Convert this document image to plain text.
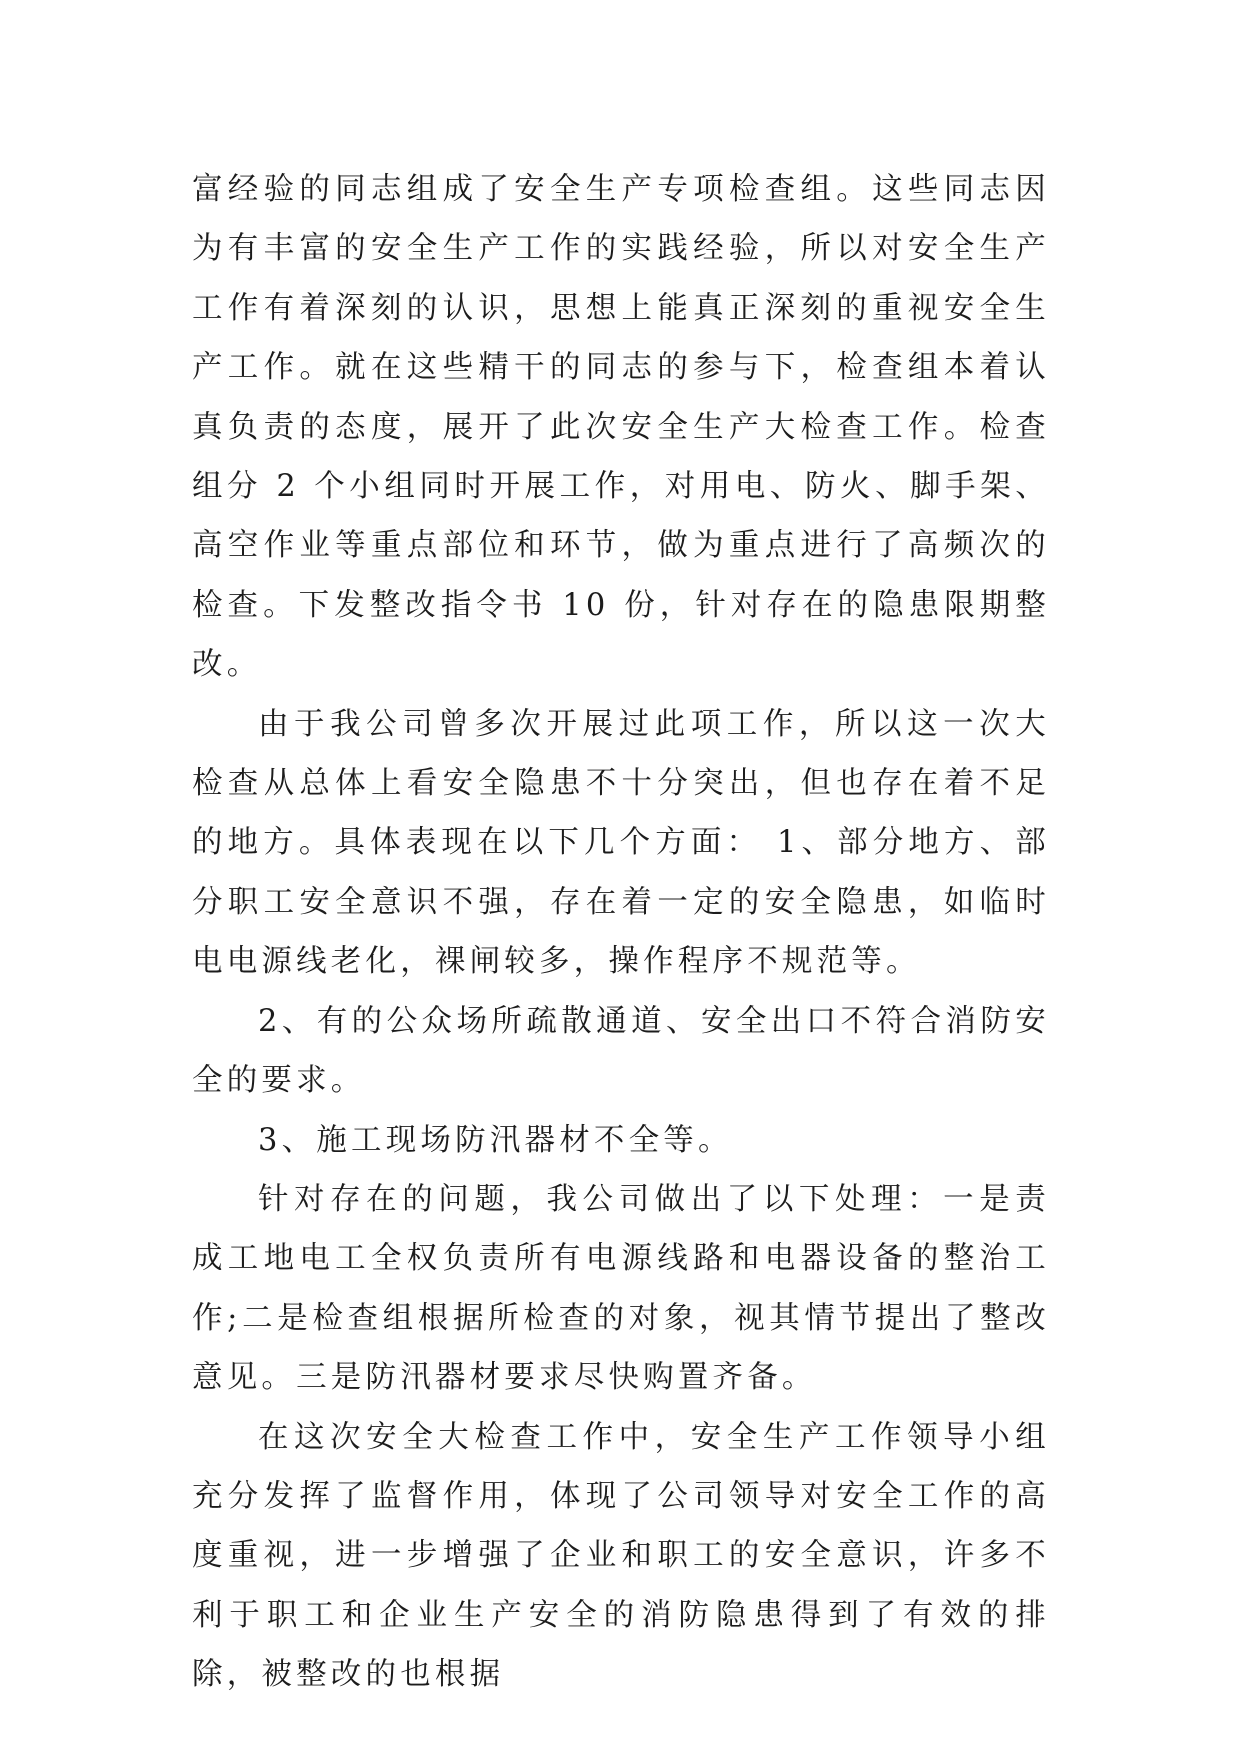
富经验的同志组成了安全生产专项检查组。这些同志因为有丰富的安全生产工作的实践经验，所以对安全生产工作有着深刻的认识，思想上能真正深刻的重视安全生产工作。就在这些精干的同志的参与下，检查组本着认真负责的态度，展开了此次安全生产大检查工作。检查组分 2 个小组同时开展工作，对用电、防火、脚手架、高空作业等重点部位和环节，做为重点进行了高频次的检查。下发整改指令书 10 份，针对存在的隐患限期整改。

由于我公司曾多次开展过此项工作，所以这一次大检查从总体上看安全隐患不十分突出，但也存在着不足的地方。具体表现在以下几个方面： 1、部分地方、部分职工安全意识不强，存在着一定的安全隐患，如临时电电源线老化，裸闸较多，操作程序不规范等。

2、有的公众场所疏散通道、安全出口不符合消防安全的要求。

3、施工现场防汛器材不全等。

针对存在的问题，我公司做出了以下处理：一是责成工地电工全权负责所有电源线路和电器设备的整治工作;二是检查组根据所检查的对象，视其情节提出了整改意见。三是防汛器材要求尽快购置齐备。

在这次安全大检查工作中，安全生产工作领导小组充分发挥了监督作用，体现了公司领导对安全工作的高度重视，进一步增强了企业和职工的安全意识，许多不利于职工和企业生产安全的消防隐患得到了有效的排除，被整改的也根据
